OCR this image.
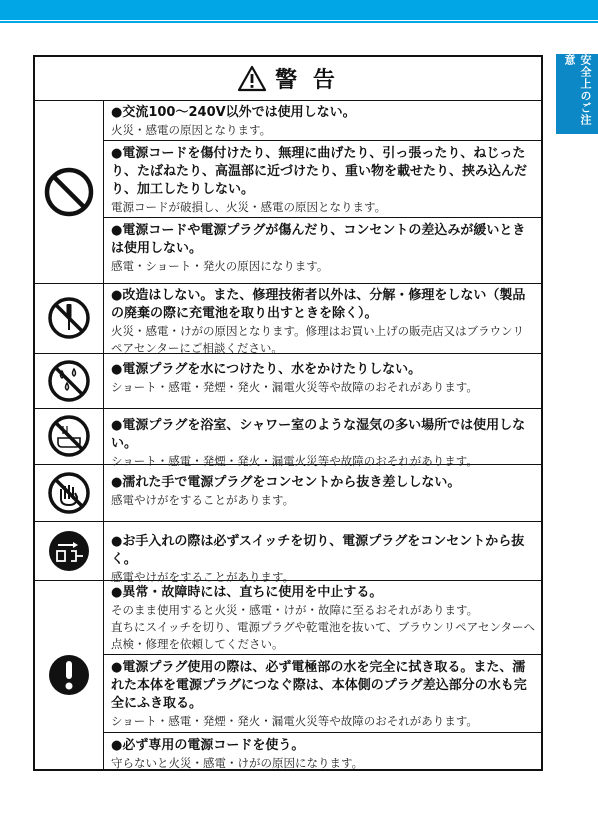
安全上のご注意
警 告
●交流100〜240V以外では使用しない。
火災・感電の原因となります。
●電源コードを傷付けたり、無理に曲げたり、引っ張ったり、ねじったり、たばねたり、高温部に近づけたり、重い物を載せたり、挟み込んだり、加工したりしない。
電源コードが破損し、火災・感電の原因となります。
●電源コードや電源プラグが傷んだり、コンセントの差込みが緩いときは使用しない。
感電・ショート・発火の原因になります。
●改造はしない。また、修理技術者以外は、分解・修理をしない（製品の廃棄の際に充電池を取り出すときを除く）。
火災・感電・けがの原因となります。修理はお買い上げの販売店又はブラウンリペアセンターにご相談ください。
●電源プラグを水につけたり、水をかけたりしない。
ショート・感電・発煙・発火・漏電火災等や故障のおそれがあります。
●電源プラグを浴室、シャワー室のような湿気の多い場所では使用しない。
ショート・感電・発煙・発火・漏電火災等や故障のおそれがあります。
●濡れた手で電源プラグをコンセントから抜き差ししない。
感電やけがをすることがあります。
●お手入れの際は必ずスイッチを切り、電源プラグをコンセントから抜く。
感電やけがをすることがあります。
●異常・故障時には、直ちに使用を中止する。
そのまま使用すると火災・感電・けが・故障に至るおそれがあります。
直ちにスイッチを切り、電源プラグや乾電池を抜いて、ブラウンリペアセンターへ点検・修理を依頼してください。
●電源プラグ使用の際は、必ず電極部の水を完全に拭き取る。また、濡れた本体を電源プラグにつなぐ際は、本体側のプラグ差込部分の水も完全にふき取る。
ショート・感電・発煙・発火・漏電火災等や故障のおそれがあります。
●必ず専用の電源コードを使う。
守らないと火災・感電・けがの原因になります。
